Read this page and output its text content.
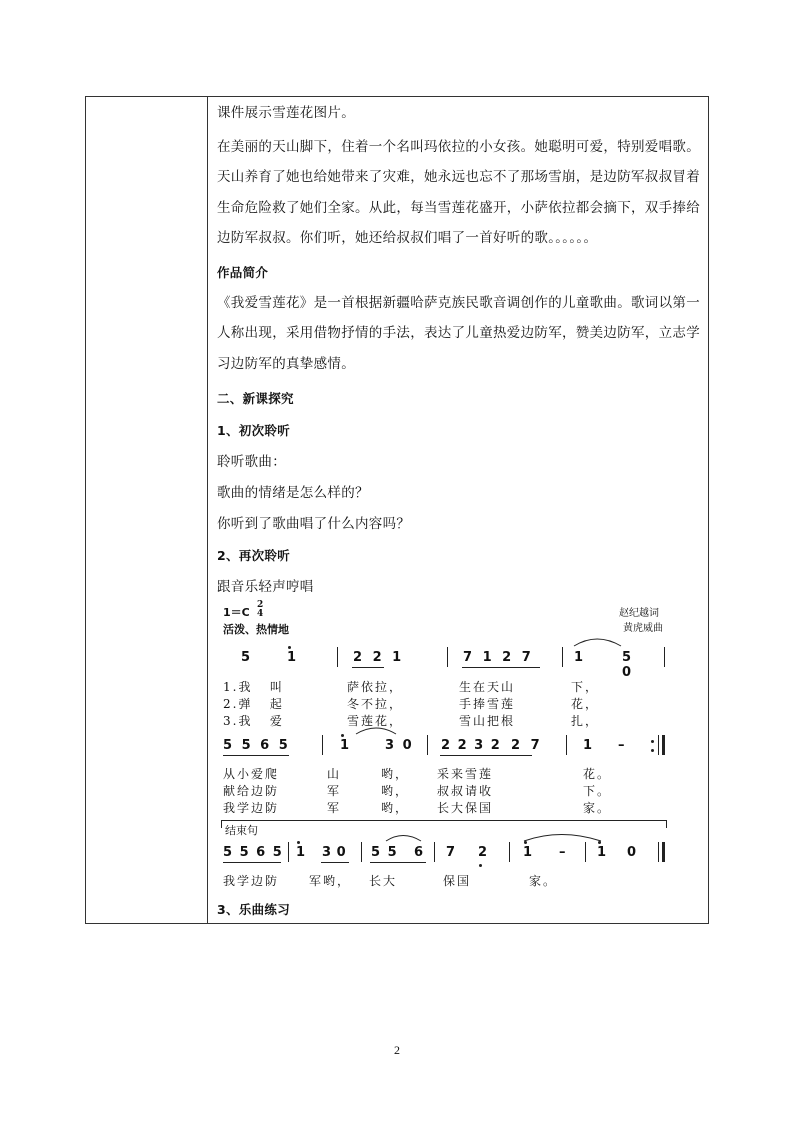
课件展示雪莲花图片。
在美丽的天山脚下，住着一个名叫玛依拉的小女孩。她聪明可爱，特别爱唱歌。
天山养育了她也给她带来了灾难，她永远也忘不了那场雪崩，是边防军叔叔冒着
生命危险救了她们全家。从此，每当雪莲花盛开，小萨依拉都会摘下，双手捧给
边防军叔叔。你们听，她还给叔叔们唱了一首好听的歌。。。。。。
作品简介
《我爱雪莲花》是一首根据新疆哈萨克族民歌音调创作的儿童歌曲。歌词以第一
人称出现，采用借物抒情的手法，表达了儿童热爱边防军，赞美边防军，立志学
习边防军的真挚感情。
二、新课探究
1、初次聆听
聆听歌曲：
歌曲的情绪是怎么样的？
你听到了歌曲唱了什么内容吗？
2、再次聆听
跟音乐轻声哼唱
3、乐曲练习
1＝C
2
4
活泼、热情地
赵纪越词
黄虎威曲
5	1	2 2 1	7 1 2 7	1	5 0
1.我   叫	萨依拉，	生在天山	下，
2.弹   起	冬不拉，	手捧雪莲	花，
3.我   爱	雪莲花，	雪山把根	扎，
5 5 6 5	1	3 0 2 2 3 2 2 7	1 –
从小爱爬	山	哟， 采来雪莲	花。
献给边防	军	哟， 叔叔请收	下。
我学边防	军	哟， 长大保国	家。
结束句
5 5 6 5 1 3 0 5 5 6 7 2	1 – 1 0
我学边防 军哟， 长大	保国	家。
2
